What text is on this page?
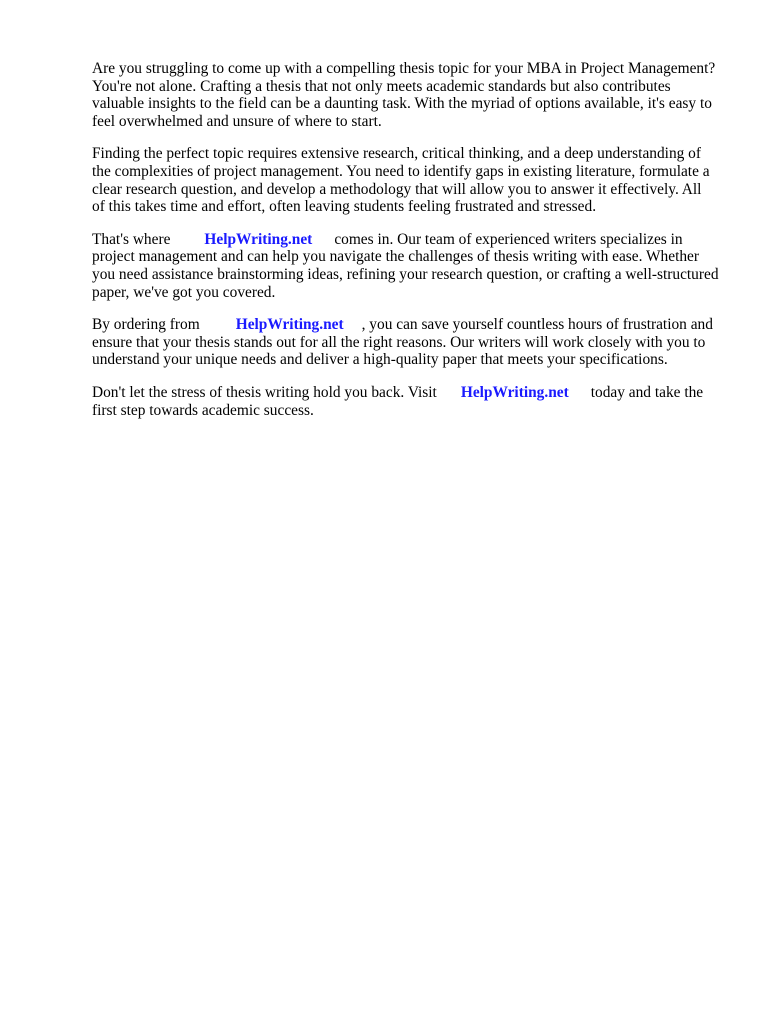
Are you struggling to come up with a compelling thesis topic for your MBA in Project Management?
You're not alone. Crafting a thesis that not only meets academic standards but also contributes
valuable insights to the field can be a daunting task. With the myriad of options available, it's easy to
feel overwhelmed and unsure of where to start.

Finding the perfect topic requires extensive research, critical thinking, and a deep understanding of
the complexities of project management. You need to identify gaps in existing literature, formulate a
clear research question, and develop a methodology that will allow you to answer it effectively. All
of this takes time and effort, often leaving students feeling frustrated and stressed.

That's where HelpWriting.net comes in. Our team of experienced writers specializes in
project management and can help you navigate the challenges of thesis writing with ease. Whether
you need assistance brainstorming ideas, refining your research question, or crafting a well-structured
paper, we've got you covered.

By ordering from HelpWriting.net , you can save yourself countless hours of frustration and
ensure that your thesis stands out for all the right reasons. Our writers will work closely with you to
understand your unique needs and deliver a high-quality paper that meets your specifications.

Don't let the stress of thesis writing hold you back. Visit HelpWriting.net today and take the
first step towards academic success.
